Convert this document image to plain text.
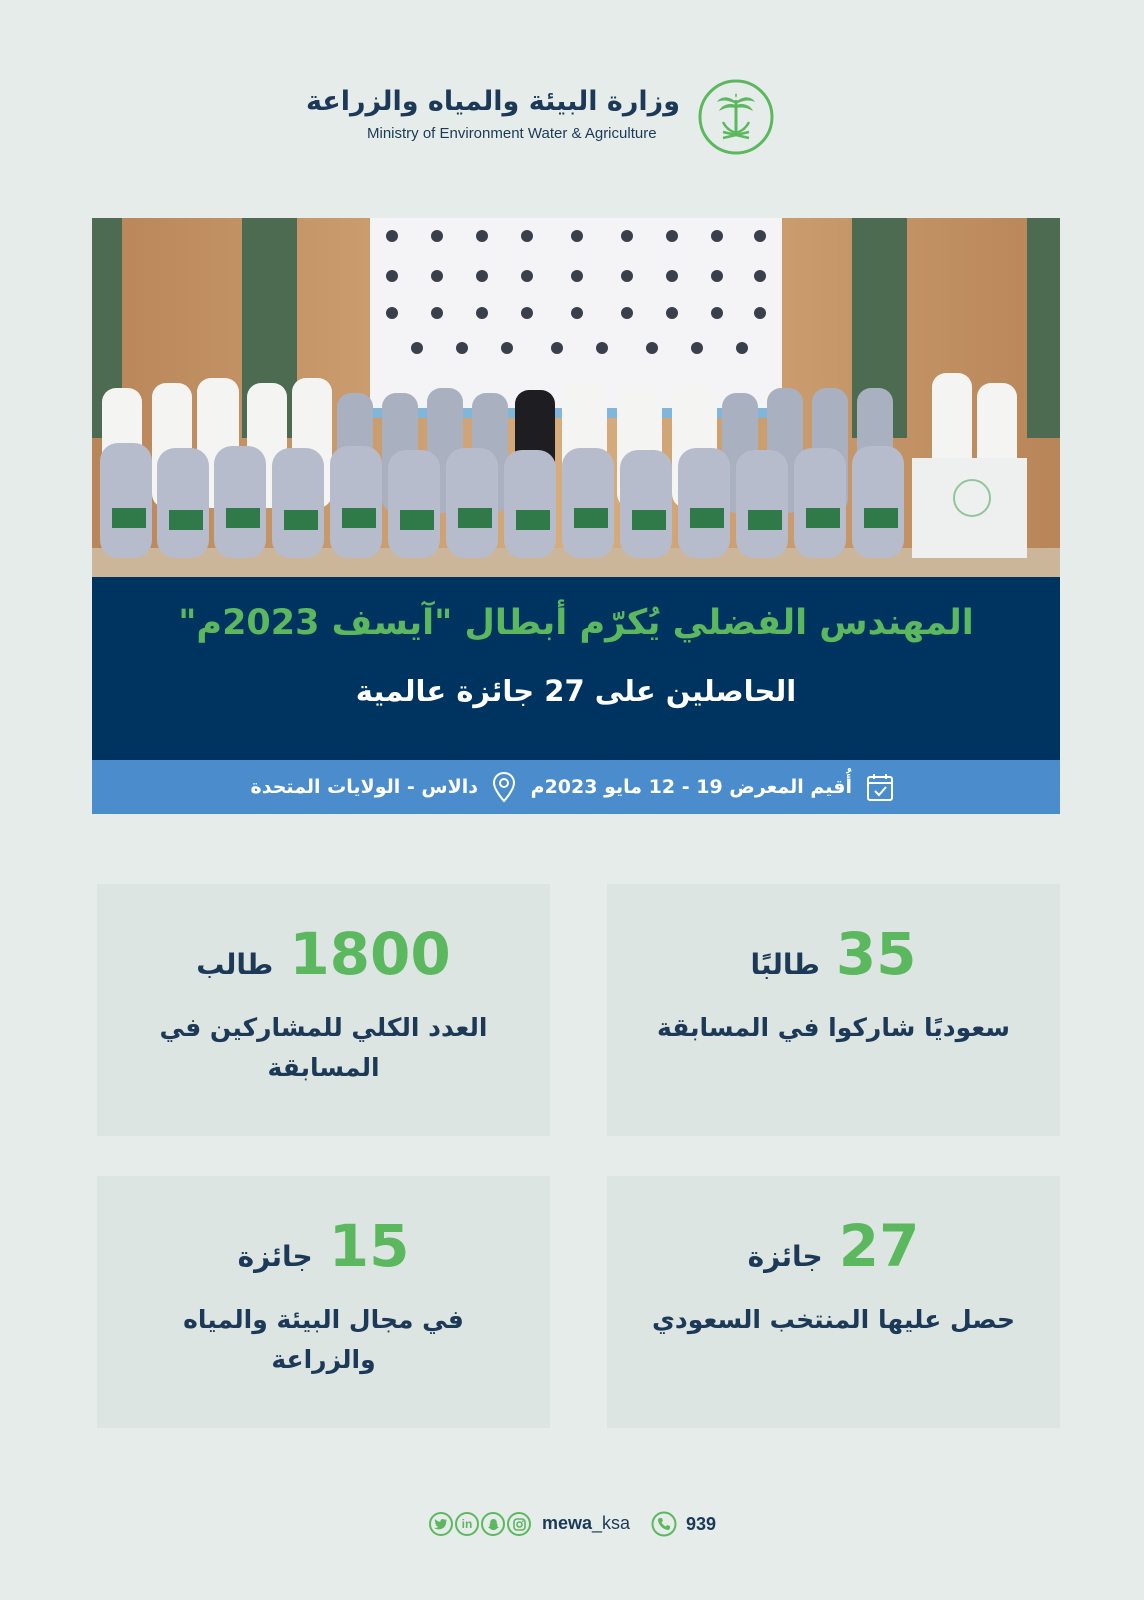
وزارة البيئة والمياه والزراعة
Ministry of Environment Water & Agriculture
المهندس الفضلي يُكرّم أبطال "آيسف 2023م"
الحاصلين على 27 جائزة عالمية
أُقيم المعرض 19 - 12 مايو 2023م
دالاس - الولايات المتحدة
35
طالبًا
سعوديًا شاركوا في المسابقة
1800
طالب
العدد الكلي للمشاركين في المسابقة
27
جائزة
حصل عليها المنتخب السعودي
15
جائزة
في مجال البيئة والمياه والزراعة
in	mewa_ksa	939
